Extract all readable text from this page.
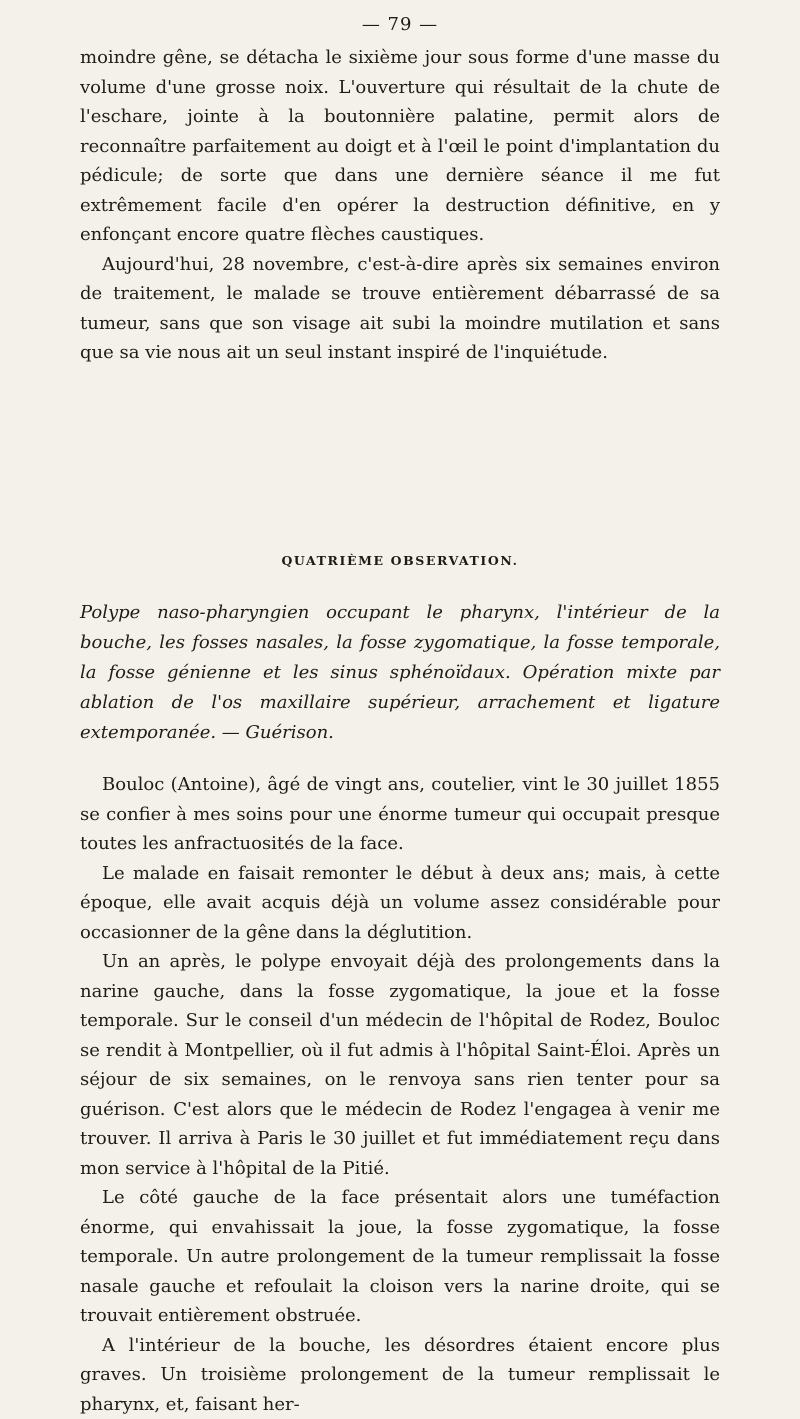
— 79 —

moindre gêne, se détacha le sixième jour sous forme d'une masse du volume d'une grosse noix. L'ouverture qui résultait de la chute de l'eschare, jointe à la boutonnière palatine, permit alors de reconnaître parfaitement au doigt et à l'œil le point d'implantation du pédicule; de sorte que dans une dernière séance il me fut extrêmement facile d'en opérer la destruction définitive, en y enfonçant encore quatre flèches caustiques.

Aujourd'hui, 28 novembre, c'est-à-dire après six semaines environ de traitement, le malade se trouve entièrement débarrassé de sa tumeur, sans que son visage ait subi la moindre mutilation et sans que sa vie nous ait un seul instant inspiré de l'inquiétude.

QUATRIÈME OBSERVATION.

Polype naso-pharyngien occupant le pharynx, l'intérieur de la bouche, les fosses nasales, la fosse zygomatique, la fosse temporale, la fosse génienne et les sinus sphénoïdaux. Opération mixte par ablation de l'os maxillaire supérieur, arrachement et ligature extemporanée. — Guérison.

Bouloc (Antoine), âgé de vingt ans, coutelier, vint le 30 juillet 1855 se confier à mes soins pour une énorme tumeur qui occupait presque toutes les anfractuosités de la face.

Le malade en faisait remonter le début à deux ans; mais, à cette époque, elle avait acquis déjà un volume assez considérable pour occasionner de la gêne dans la déglutition.

Un an après, le polype envoyait déjà des prolongements dans la narine gauche, dans la fosse zygomatique, la joue et la fosse temporale. Sur le conseil d'un médecin de l'hôpital de Rodez, Bouloc se rendit à Montpellier, où il fut admis à l'hôpital Saint-Éloi. Après un séjour de six semaines, on le renvoya sans rien tenter pour sa guérison. C'est alors que le médecin de Rodez l'engagea à venir me trouver. Il arriva à Paris le 30 juillet et fut immédiatement reçu dans mon service à l'hôpital de la Pitié.

Le côté gauche de la face présentait alors une tuméfaction énorme, qui envahissait la joue, la fosse zygomatique, la fosse temporale. Un autre prolongement de la tumeur remplissait la fosse nasale gauche et refoulait la cloison vers la narine droite, qui se trouvait entièrement obstruée.

A l'intérieur de la bouche, les désordres étaient encore plus graves. Un troisième prolongement de la tumeur remplissait le pharynx, et, faisant her-
